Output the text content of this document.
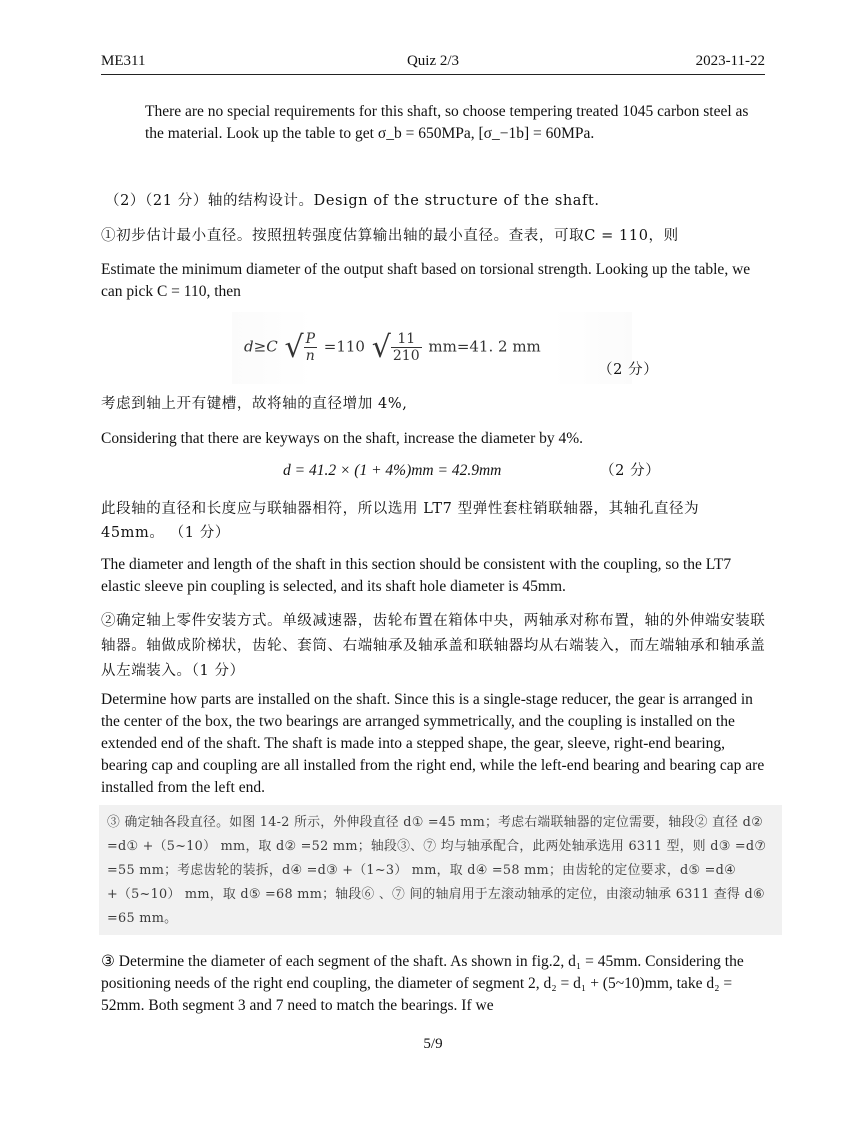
ME311	Quiz 2/3	2023-11-22

There are no special requirements for this shaft, so choose tempering treated 1045 carbon steel as the material. Look up the table to get σ_b = 650MPa, [σ_−1b] = 60MPa.

（2）（21 分）轴的结构设计。Design of the structure of the shaft.

①初步估计最小直径。按照扭转强度估算输出轴的最小直径。查表，可取C = 110，则

Estimate the minimum diameter of the output shaft based on torsional strength. Looking up the table, we can pick C = 110, then

d≥C √ $\frac{P}{n} =110$ √ $\frac{11}{210} mm=41$. 2 mm
（2 分）

考虑到轴上开有键槽，故将轴的直径增加 4%,

Considering that there are keyways on the shaft, increase the diameter by 4%.

d = 41.2 × (1 + 4%)mm = 42.9mm	（2 分）

此段轴的直径和长度应与联轴器相符，所以选用 LT7 型弹性套柱销联轴器，其轴孔直径为 45mm。 （1 分）

The diameter and length of the shaft in this section should be consistent with the coupling, so the LT7 elastic sleeve pin coupling is selected, and its shaft hole diameter is 45mm.

②确定轴上零件安装方式。单级减速器，齿轮布置在箱体中央，两轴承对称布置，轴的外伸端安装联轴器。轴做成阶梯状，齿轮、套筒、右端轴承及轴承盖和联轴器均从右端装入，而左端轴承和轴承盖从左端装入。（1 分）

Determine how parts are installed on the shaft. Since this is a single-stage reducer, the gear is arranged in the center of the box, the two bearings are arranged symmetrically, and the coupling is installed on the extended end of the shaft. The shaft is made into a stepped shape, the gear, sleeve, right-end bearing, bearing cap and coupling are all installed from the right end, while the left-end bearing and bearing cap are installed from the left end.

③ 确定轴各段直径。如图 14-2 所示，外伸段直径 d① =45 mm；考虑右端联轴器的定位需要，轴段② 直径 d② =d① +（5~10） mm，取 d② =52 mm；轴段③、⑦ 均与轴承配合，此两处轴承选用 6311 型，则 d③ =d⑦ =55 mm；考虑齿轮的装拆，d④ =d③ +（1~3） mm，取 d④ =58 mm；由齿轮的定位要求，d⑤ =d④ +（5~10） mm，取 d⑤ =68 mm；轴段⑥ 、⑦ 间的轴肩用于左滚动轴承的定位，由滚动轴承 6311 查得 d⑥ =65 mm。

③ Determine the diameter of each segment of the shaft. As shown in fig.2, d₁ = 45mm. Considering the positioning needs of the right end coupling, the diameter of segment 2, d₂ = d₁ + (5~10)mm, take d₂ = 52mm. Both segment 3 and 7 need to match the bearings. If we

5/9
